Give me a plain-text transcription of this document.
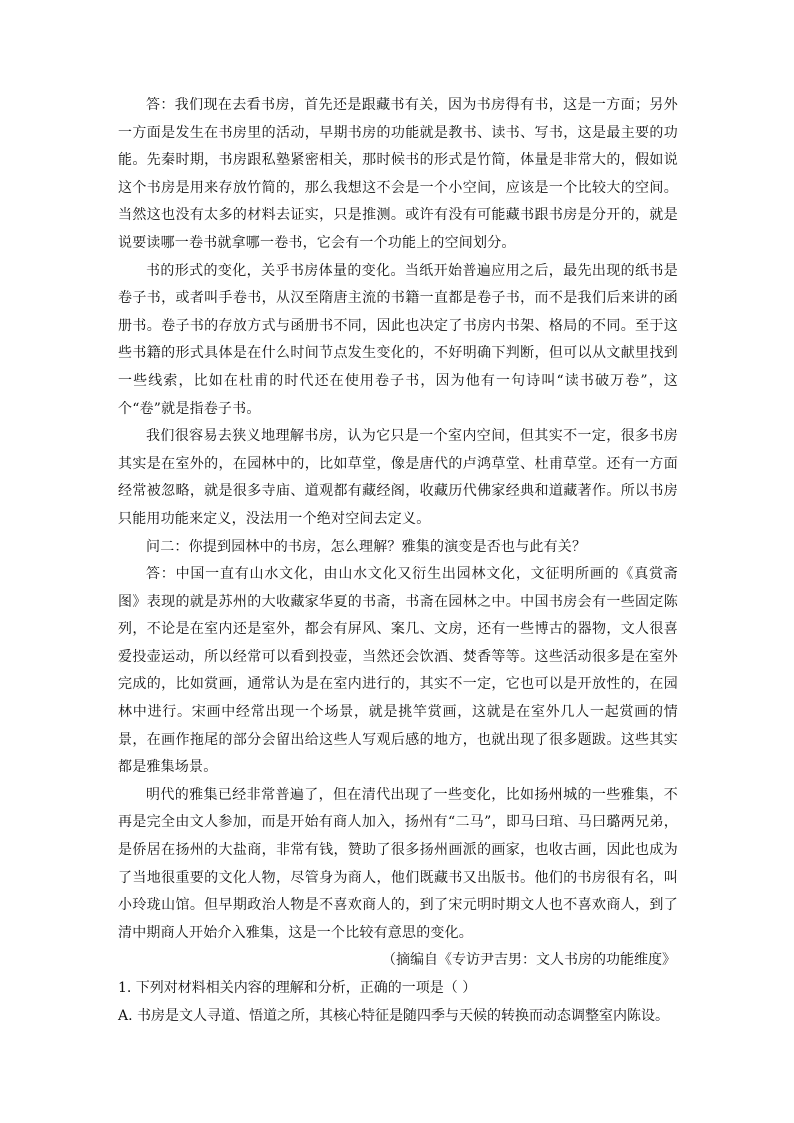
答：我们现在去看书房，首先还是跟藏书有关，因为书房得有书，这是一方面；另外一方面是发生在书房里的活动，早期书房的功能就是教书、读书、写书，这是最主要的功能。先秦时期，书房跟私塾紧密相关，那时候书的形式是竹简，体量是非常大的，假如说这个书房是用来存放竹简的，那么我想这不会是一个小空间，应该是一个比较大的空间。当然这也没有太多的材料去证实，只是推测。或许有没有可能藏书跟书房是分开的，就是说要读哪一卷书就拿哪一卷书，它会有一个功能上的空间划分。

书的形式的变化，关乎书房体量的变化。当纸开始普遍应用之后，最先出现的纸书是卷子书，或者叫手卷书，从汉至隋唐主流的书籍一直都是卷子书，而不是我们后来讲的函册书。卷子书的存放方式与函册书不同，因此也决定了书房内书架、格局的不同。至于这些书籍的形式具体是在什么时间节点发生变化的，不好明确下判断，但可以从文献里找到一些线索，比如在杜甫的时代还在使用卷子书，因为他有一句诗叫“读书破万卷”，这个“卷”就是指卷子书。

我们很容易去狭义地理解书房，认为它只是一个室内空间，但其实不一定，很多书房其实是在室外的，在园林中的，比如草堂，像是唐代的卢鸿草堂、杜甫草堂。还有一方面经常被忽略，就是很多寺庙、道观都有藏经阁，收藏历代佛家经典和道藏著作。所以书房只能用功能来定义，没法用一个绝对空间去定义。

问二：你提到园林中的书房，怎么理解？雅集的演变是否也与此有关？

答：中国一直有山水文化，由山水文化又衍生出园林文化，文征明所画的《真赏斋图》表现的就是苏州的大收藏家华夏的书斋，书斋在园林之中。中国书房会有一些固定陈列，不论是在室内还是室外，都会有屏风、案几、文房，还有一些博古的器物，文人很喜爱投壶运动，所以经常可以看到投壶，当然还会饮酒、焚香等等。这些活动很多是在室外完成的，比如赏画，通常认为是在室内进行的，其实不一定，它也可以是开放性的，在园林中进行。宋画中经常出现一个场景，就是挑竿赏画，这就是在室外几人一起赏画的情景，在画作拖尾的部分会留出给这些人写观后感的地方，也就出现了很多题跋。这些其实都是雅集场景。

明代的雅集已经非常普遍了，但在清代出现了一些变化，比如扬州城的一些雅集，不再是完全由文人参加，而是开始有商人加入，扬州有“二马”，即马曰琯、马曰璐两兄弟，是侨居在扬州的大盐商，非常有钱，赞助了很多扬州画派的画家，也收古画，因此也成为了当地很重要的文化人物，尽管身为商人，他们既藏书又出版书。他们的书房很有名，叫小玲珑山馆。但早期政治人物是不喜欢商人的，到了宋元明时期文人也不喜欢商人，到了清中期商人开始介入雅集，这是一个比较有意思的变化。

（摘编自《专访尹吉男：文人书房的功能维度》

1. 下列对材料相关内容的理解和分析，正确的一项是（ ）

A. 书房是文人寻道、悟道之所，其核心特征是随四季与天候的转换而动态调整室内陈设。
